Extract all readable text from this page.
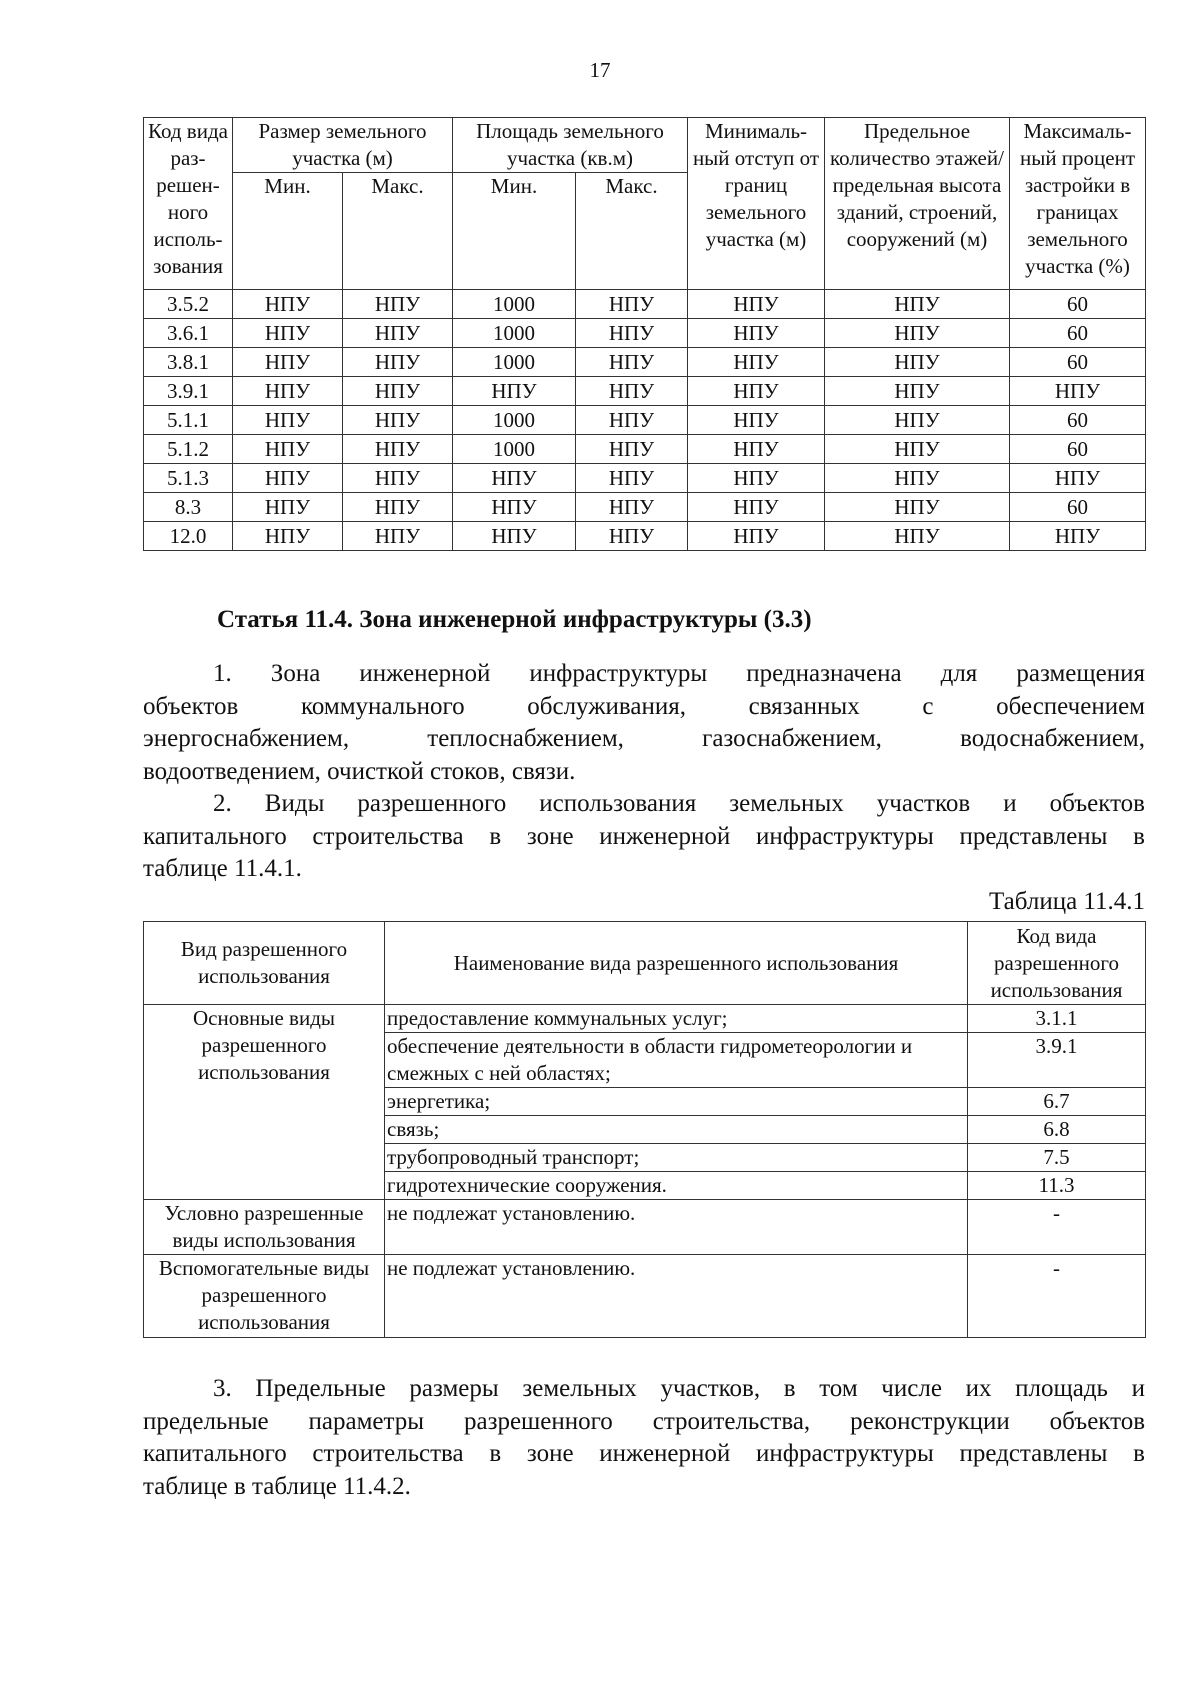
17
Код вида раз-решен-ного исполь-зования	Размер земельного участка (м)		Площадь земельного участка (кв.м)		Минималь-ный отступ от границ земельного участка (м)	Предельное количество этажей/ предельная высота зданий, строений, сооружений (м)	Максималь-ный процент застройки в границах земельного участка (%)
	Мин.	Макс.	Мин.	Макс.			
3.5.2	НПУ	НПУ	1000	НПУ	НПУ	НПУ	60
3.6.1	НПУ	НПУ	1000	НПУ	НПУ	НПУ	60
3.8.1	НПУ	НПУ	1000	НПУ	НПУ	НПУ	60
3.9.1	НПУ	НПУ	НПУ	НПУ	НПУ	НПУ	НПУ
5.1.1	НПУ	НПУ	1000	НПУ	НПУ	НПУ	60
5.1.2	НПУ	НПУ	1000	НПУ	НПУ	НПУ	60
5.1.3	НПУ	НПУ	НПУ	НПУ	НПУ	НПУ	НПУ
8.3	НПУ	НПУ	НПУ	НПУ	НПУ	НПУ	60
12.0	НПУ	НПУ	НПУ	НПУ	НПУ	НПУ	НПУ
Статья 11.4. Зона инженерной инфраструктуры (3.3)
1. Зона инженерной инфраструктуры предназначена для размещения
объектов коммунального обслуживания, связанных с обеспечением
энергоснабжением, теплоснабжением, газоснабжением, водоснабжением,
водоотведением, очисткой стоков, связи.
2. Виды разрешенного использования земельных участков и объектов
капитального строительства в зоне инженерной инфраструктуры представлены в
таблице 11.4.1.
Таблица 11.4.1
Вид разрешенного использования	Наименование вида разрешенного использования	Код вида разрешенного использования
Основные виды разрешенного использования	предоставление коммунальных услуг;	3.1.1
	обеспечение деятельности в области гидрометеорологии и смежных с ней областях;	3.9.1
	энергетика;	6.7
	связь;	6.8
	трубопроводный транспорт;	7.5
	гидротехнические сооружения.	11.3
Условно разрешенные виды использования	не подлежат установлению.	-
Вспомогательные виды разрешенного использования	не подлежат установлению.	-
3. Предельные размеры земельных участков, в том числе их площадь и
предельные параметры разрешенного строительства, реконструкции объектов
капитального строительства в зоне инженерной инфраструктуры представлены в
таблице в таблице 11.4.2.
